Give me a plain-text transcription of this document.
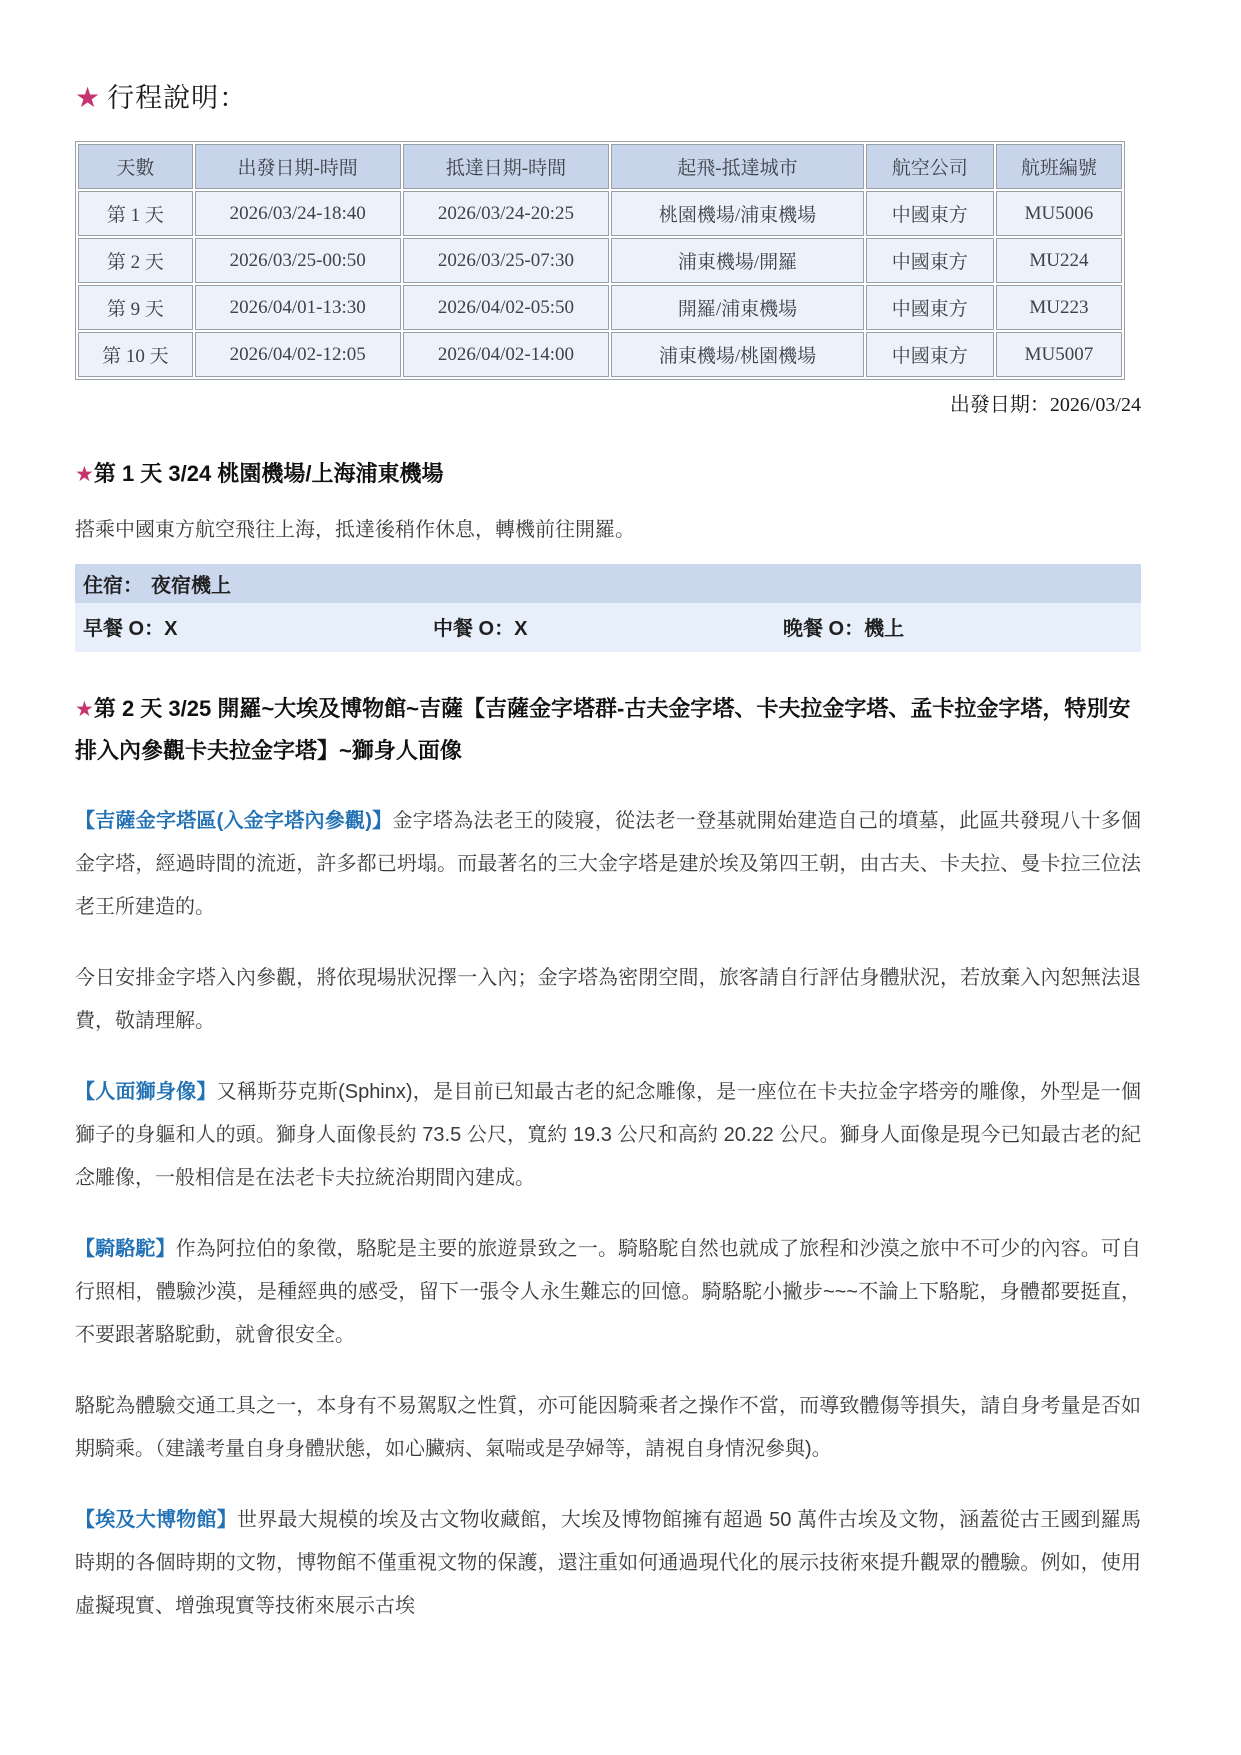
★ 行程說明：
天數	出發日期-時間	抵達日期-時間	起飛-抵達城市	航空公司	航班編號
第 1 天	2026/03/24-18:40	2026/03/24-20:25	桃園機場/浦東機場	中國東方	MU5006
第 2 天	2026/03/25-00:50	2026/03/25-07:30	浦東機場/開羅	中國東方	MU224
第 9 天	2026/04/01-13:30	2026/04/02-05:50	開羅/浦東機場	中國東方	MU223
第 10 天	2026/04/02-12:05	2026/04/02-14:00	浦東機場/桃園機場	中國東方	MU5007
出發日期：2026/03/24
★第 1 天 3/24 桃園機場/上海浦東機場

搭乘中國東方航空飛往上海，抵達後稍作休息，轉機前往開羅。

住宿： 夜宿機上
早餐 O：X	中餐 O：X	晚餐 O：機上
★第 2 天 3/25 開羅~大埃及博物館~吉薩【吉薩金字塔群-古夫金字塔、卡夫拉金字塔、孟卡拉金字塔，特別安排入內參觀卡夫拉金字塔】~獅身人面像

【吉薩金字塔區(入金字塔內參觀)】金字塔為法老王的陵寢，從法老一登基就開始建造自己的墳墓，此區共發現八十多個金字塔，經過時間的流逝，許多都已坍塌。而最著名的三大金字塔是建於埃及第四王朝，由古夫、卡夫拉、曼卡拉三位法老王所建造的。

今日安排金字塔入內參觀，將依現場狀況擇一入內；金字塔為密閉空間，旅客請自行評估身體狀況，若放棄入內恕無法退費，敬請理解。

【人面獅身像】又稱斯芬克斯(Sphinx)，是目前已知最古老的紀念雕像，是一座位在卡夫拉金字塔旁的雕像，外型是一個獅子的身軀和人的頭。獅身人面像長約 73.5 公尺，寬約 19.3 公尺和高約 20.22 公尺。獅身人面像是現今已知最古老的紀念雕像，一般相信是在法老卡夫拉統治期間內建成。

【騎駱駝】作為阿拉伯的象徵，駱駝是主要的旅遊景致之一。騎駱駝自然也就成了旅程和沙漠之旅中不可少的內容。可自行照相，體驗沙漠，是種經典的感受，留下一張令人永生難忘的回憶。騎駱駝小撇步~~~不論上下駱駝，身體都要挺直，不要跟著駱駝動，就會很安全。

駱駝為體驗交通工具之一，本身有不易駕馭之性質，亦可能因騎乘者之操作不當，而導致體傷等損失，請自身考量是否如期騎乘。（建議考量自身身體狀態，如心臟病、氣喘或是孕婦等，請視自身情況參與)。

【埃及大博物館】世界最大規模的埃及古文物收藏館，大埃及博物館擁有超過 50 萬件古埃及文物，涵蓋從古王國到羅馬時期的各個時期的文物，博物館不僅重視文物的保護，還注重如何通過現代化的展示技術來提升觀眾的體驗。例如，使用虛擬現實、增強現實等技術來展示古埃
